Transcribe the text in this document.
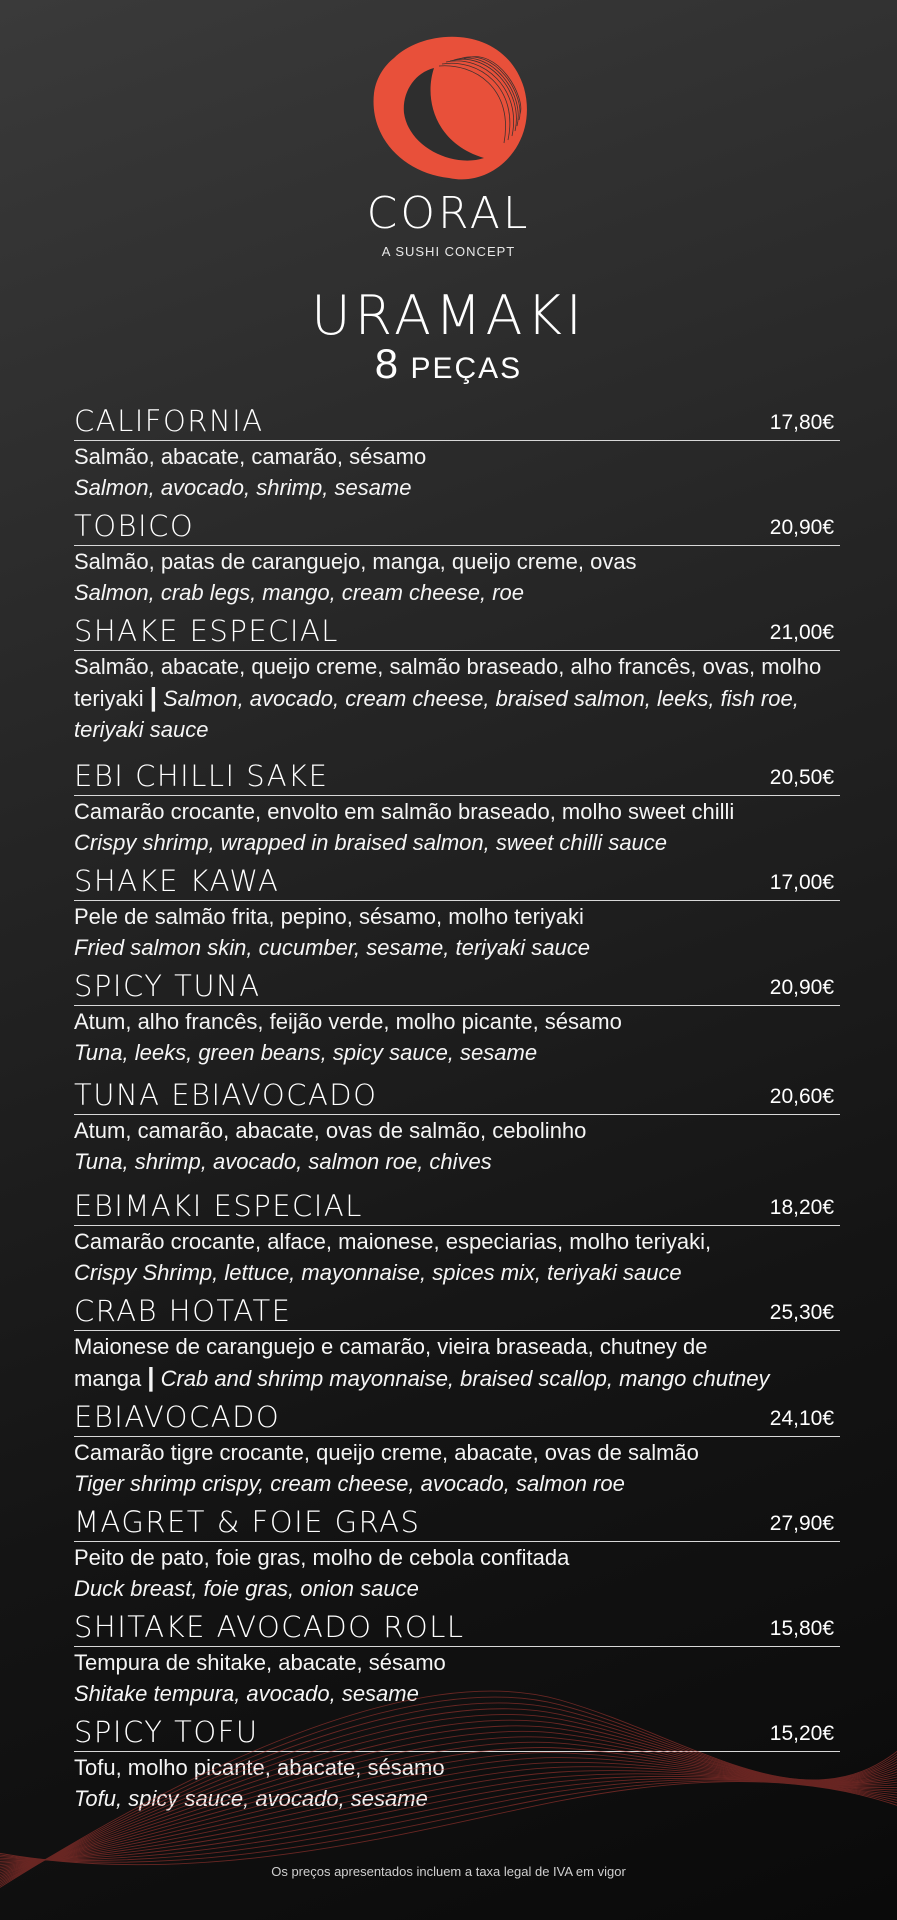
CORAL
A SUSHI CONCEPT
URAMAKI
8 PEÇAS
CALIFORNIA	17,80€
Salmão, abacate, camarão, sésamo
Salmon, avocado, shrimp, sesame
TOBICO	20,90€
Salmão, patas de caranguejo, manga, queijo creme, ovas
Salmon, crab legs, mango, cream cheese, roe
SHAKE ESPECIAL	21,00€
Salmão, abacate, queijo creme, salmão braseado, alho francês, ovas, molho teriyaki | Salmon, avocado, cream cheese, braised salmon, leeks, fish roe, teriyaki sauce
EBI CHILLI SAKE	20,50€
Camarão crocante, envolto em salmão braseado, molho sweet chilli
Crispy shrimp, wrapped in braised salmon, sweet chilli sauce
SHAKE KAWA	17,00€
Pele de salmão frita, pepino, sésamo, molho teriyaki
Fried salmon skin, cucumber, sesame, teriyaki sauce
SPICY TUNA	20,90€
Atum, alho francês, feijão verde, molho picante, sésamo
Tuna, leeks, green beans, spicy sauce, sesame
TUNA EBIAVOCADO	20,60€
Atum, camarão, abacate, ovas de salmão, cebolinho
Tuna, shrimp, avocado, salmon roe, chives
EBIMAKI ESPECIAL	18,20€
Camarão crocante, alface, maionese, especiarias, molho teriyaki,
Crispy Shrimp, lettuce, mayonnaise, spices mix, teriyaki sauce
CRAB HOTATE	25,30€
Maionese de caranguejo e camarão, vieira braseada, chutney de manga | Crab and shrimp mayonnaise, braised scallop, mango chutney
EBIAVOCADO	24,10€
Camarão tigre crocante, queijo creme, abacate, ovas de salmão
Tiger shrimp crispy, cream cheese, avocado, salmon roe
MAGRET & FOIE GRAS	27,90€
Peito de pato, foie gras, molho de cebola confitada
Duck breast, foie gras, onion sauce
SHITAKE AVOCADO ROLL	15,80€
Tempura de shitake, abacate, sésamo
Shitake tempura, avocado, sesame
SPICY TOFU	15,20€
Tofu, molho picante, abacate, sésamo
Tofu, spicy sauce, avocado, sesame
Os preços apresentados incluem a taxa legal de IVA em vigor
